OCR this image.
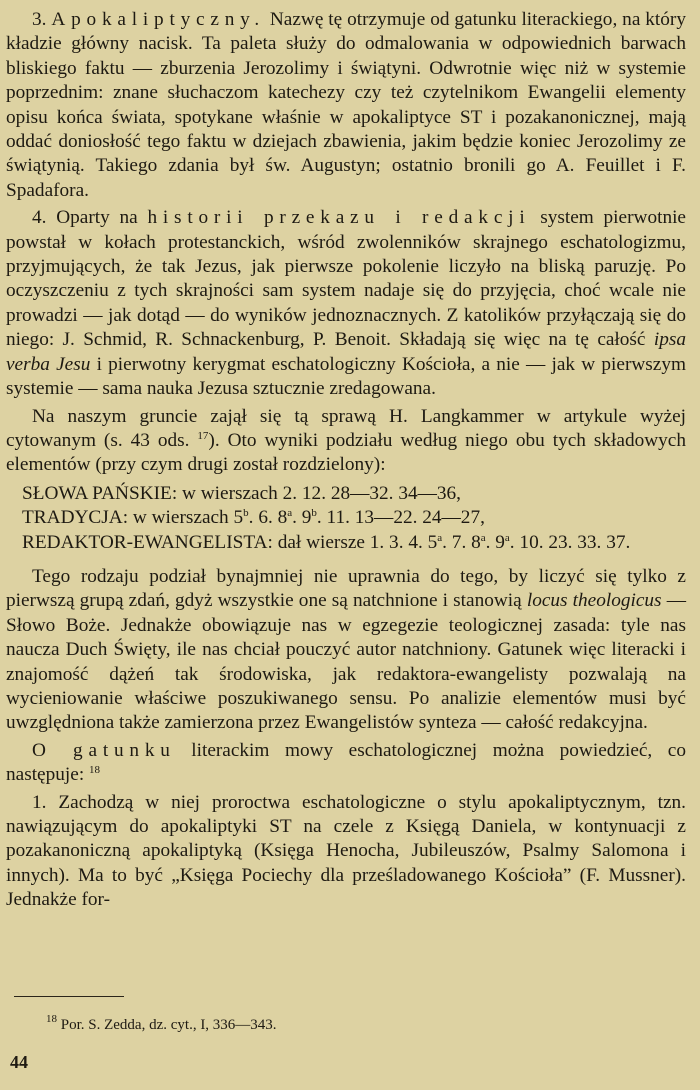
3. Apokaliptyczny. Nazwę tę otrzymuje od gatunku literackiego, na który kładzie główny nacisk. Ta paleta służy do odmalowania w odpowiednich barwach bliskiego faktu — zburzenia Jerozolimy i świątyni. Odwrotnie więc niż w systemie poprzednim: znane słuchaczom katechezy czy też czytelnikom Ewangelii elementy opisu końca świata, spotykane właśnie w apokaliptyce ST i pozakanonicznej, mają oddać doniosłość tego faktu w dziejach zbawienia, jakim będzie koniec Jerozolimy ze świątynią. Takiego zdania był św. Augustyn; ostatnio bronili go A. Feuillet i F. Spadafora.

4. Oparty na historii przekazu i redakcji system pierwotnie powstał w kołach protestanckich, wśród zwolenników skrajnego eschatologizmu, przyjmujących, że tak Jezus, jak pierwsze pokolenie liczyło na bliską paruzję. Po oczyszczeniu z tych skrajności sam system nadaje się do przyjęcia, choć wcale nie prowadzi — jak dotąd — do wyników jednoznacznych. Z katolików przyłączają się do niego: J. Schmid, R. Schnackenburg, P. Benoit. Składają się więc na tę całość ipsa verba Jesu i pierwotny kerygmat eschatologiczny Kościoła, a nie — jak w pierwszym systemie — sama nauka Jezusa sztucznie zredagowana.

Na naszym gruncie zajął się tą sprawą H. Langkammer w artykule wyżej cytowanym (s. 43 ods. $^{17}$). Oto wyniki podziału według niego obu tych składowych elementów (przy czym drugi został rozdzielony):

SŁOWA PAŃSKIE: w wierszach 2. 12. 28—32. 34—36,

TRADYCJA: w wierszach 5$^b$. 6. 8$^a$. 9$^b$. 11. 13—22. 24—27,

REDAKTOR-EWANGELISTA: dał wiersze 1. 3. 4. 5$^a$. 7. 8$^a$. 9$^a$. 10. 23. 33. 37.

Tego rodzaju podział bynajmniej nie uprawnia do tego, by liczyć się tylko z pierwszą grupą zdań, gdyż wszystkie one są natchnione i stanowią locus theologicus — Słowo Boże. Jednakże obowiązuje nas w egzegezie teologicznej zasada: tyle nas naucza Duch Święty, ile nas chciał pouczyć autor natchniony. Gatunek więc literacki i znajomość dążeń tak środowiska, jak redaktora-ewangelisty pozwalają na wycieniowanie właściwe poszukiwanego sensu. Po analizie elementów musi być uwzględniona także zamierzona przez Ewangelistów synteza — całość redakcyjna.

O gatunku literackim mowy eschatologicznej można powiedzieć, co następuje: $^{18}$

1. Zachodzą w niej proroctwa eschatologiczne o stylu apokaliptycznym, tzn. nawiązującym do apokaliptyki ST na czele z Księgą Daniela, w kontynuacji z pozakanoniczną apokaliptyką (Księga Henocha, Jubileuszów, Psalmy Salomona i innych). Ma to być „Księga Pociechy dla prześladowanego Kościoła” (F. Mussner). Jednakże for-

$^{18}$ Por. S. Zedda, dz. cyt., I, 336—343.
44
